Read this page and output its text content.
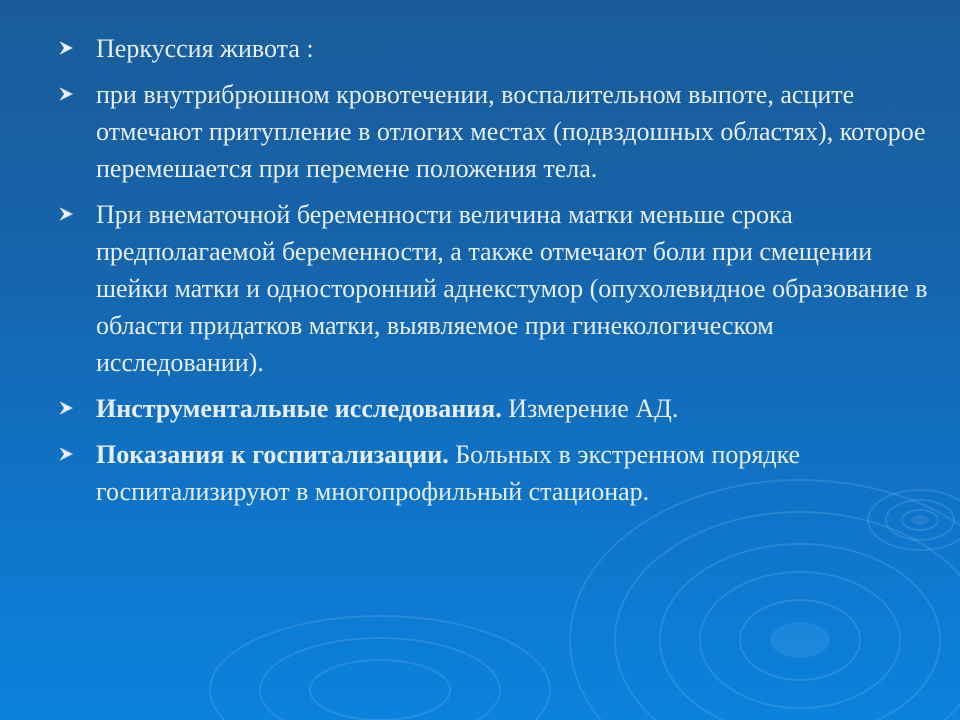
Перкуссия живота :
при внутрибрюшном кровотечении, воспалительном выпоте, асците отмечают притупление в отлогих местах (подвздошных областях), которое перемешается при перемене положения тела.
При внематочной беременности величина матки меньше срока предполагаемой беременности, а также отмечают боли при смещении шейки матки и односторонний аднекстумор (опухолевидное образование в области придатков матки, выявляемое при гинекологическом исследовании).
Инструментальные исследования. Измерение АД.
Показания к госпитализации. Больных в экстренном порядке госпитализируют в многопрофильный стационар.
